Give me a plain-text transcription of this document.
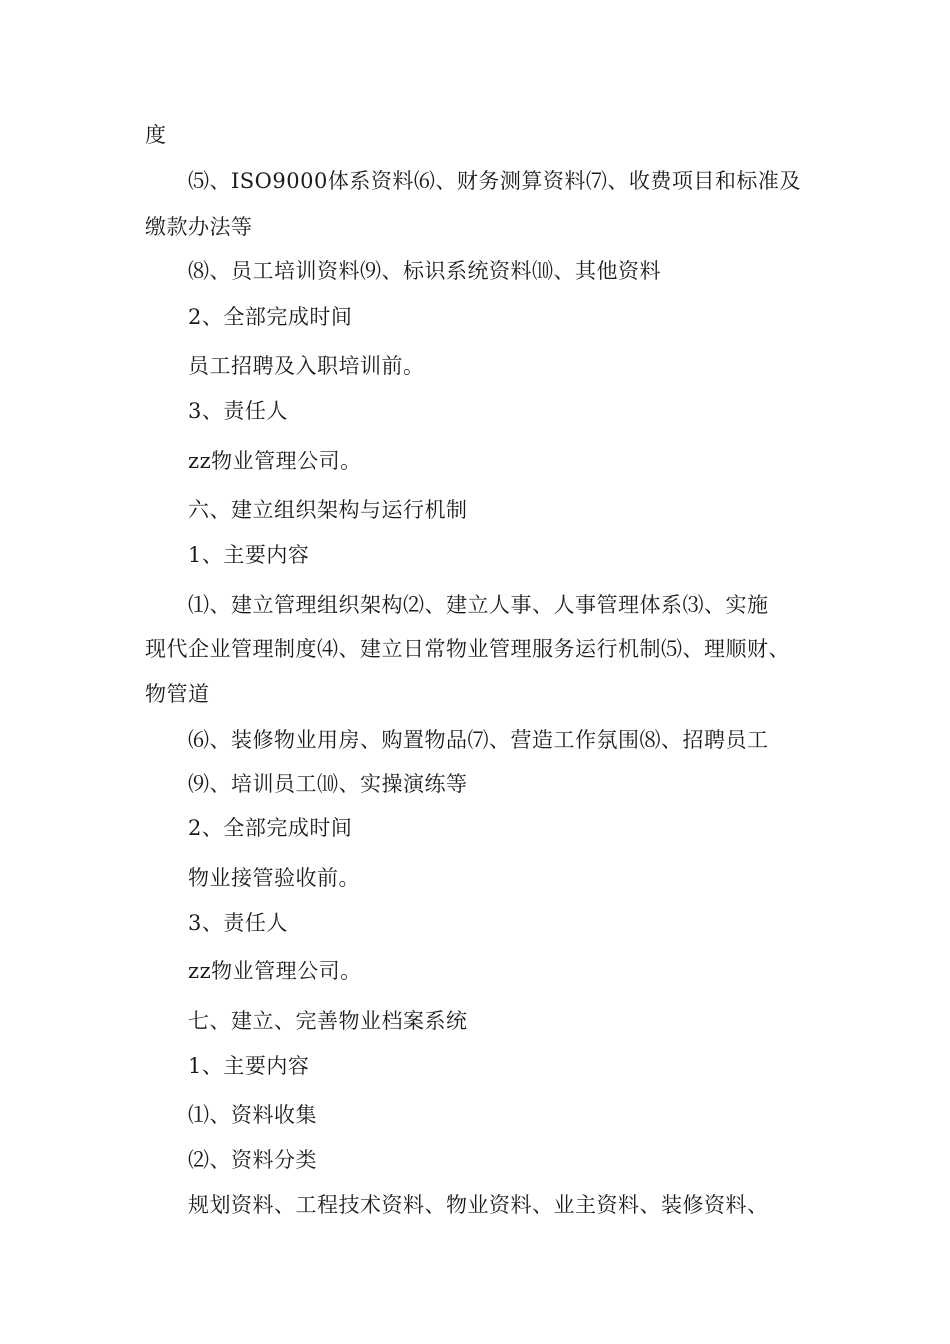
度
⑸、ISO9000体系资料⑹、财务测算资料⑺、收费项目和标准及
缴款办法等
⑻、员工培训资料⑼、标识系统资料⑽、其他资料
2、全部完成时间
员工招聘及入职培训前。
3、责任人
zz物业管理公司。
六、建立组织架构与运行机制
1、主要内容
⑴、建立管理组织架构⑵、建立人事、人事管理体系⑶、实施
现代企业管理制度⑷、建立日常物业管理服务运行机制⑸、理顺财、
物管道
⑹、装修物业用房、购置物品⑺、营造工作氛围⑻、招聘员工
⑼、培训员工⑽、实操演练等
2、全部完成时间
物业接管验收前。
3、责任人
zz物业管理公司。
七、建立、完善物业档案系统
1、主要内容
⑴、资料收集
⑵、资料分类
规划资料、工程技术资料、物业资料、业主资料、装修资料、
